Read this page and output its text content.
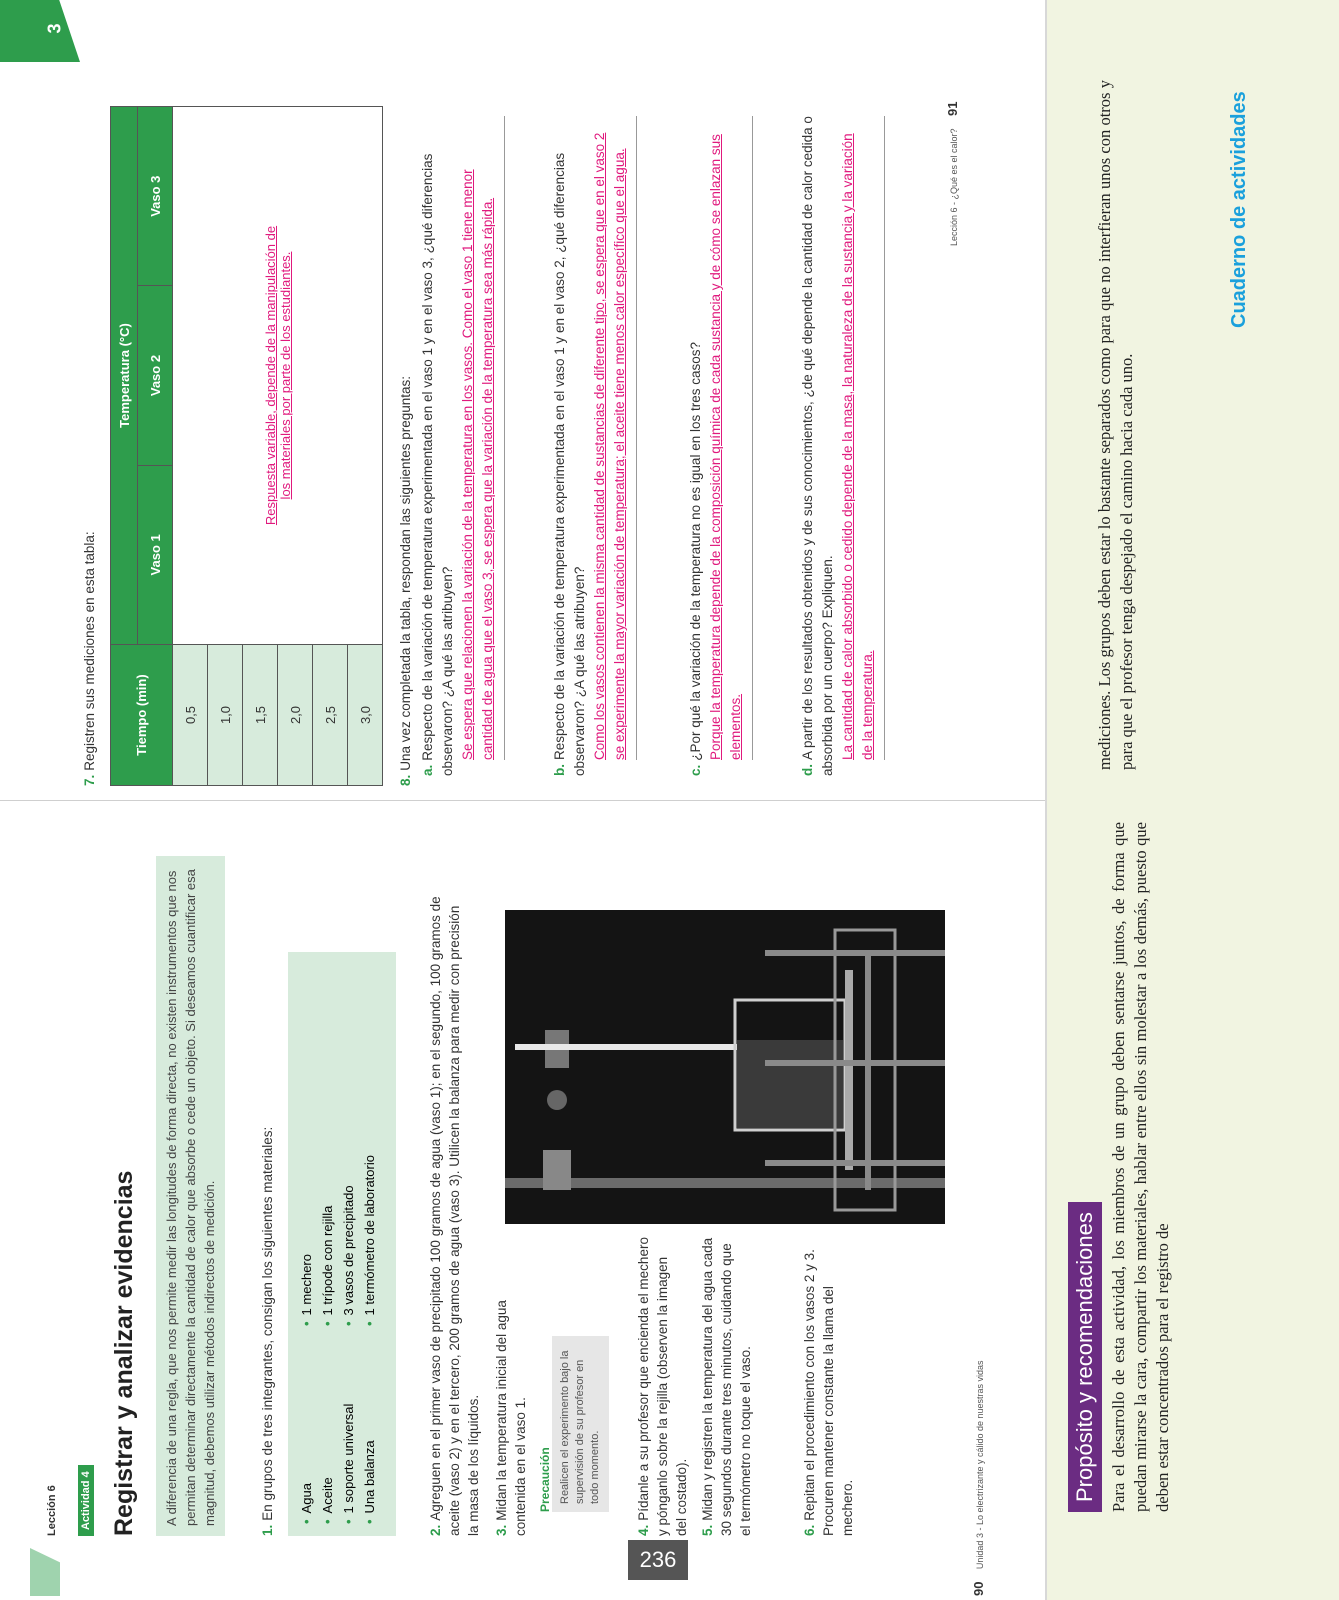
Propósito y recomendaciones Para el desarrollo de esta actividad, los miembros de un grupo deben sentarse juntos, de forma que puedan mirarse la cara, compartir los materiales, hablar entre ellos sin molestar a los demás, puesto que deben estar concentrados para el registro de
mediciones. Los grupos deben estar lo bastante separados como para que no interfieran unos con otros y para que el profesor tenga despejado el camino hacia cada uno.
Cuaderno de actividades
236
Lección 6 Actividad 4 Registrar y analizar evidencias	A diferencia de una regla, que nos permite medir las longitudes de forma directa, no existen instrumentos que nos permitan determinar directamente la cantidad de calor que absorbe o cede un objeto. Si deseamos cuantificar esa magnitud, debemos utilizar métodos indirectos de medición.
1.En grupos de tres integrantes, consigan los siguientes materiales:
•Agua
•Aceite
•1 soporte universal
•Una balanza
•1 mechero
•1 trípode con rejilla
•3 vasos de precipitado
•1 termómetro de laboratorio
2.Agreguen en el primer vaso de precipitado 100 gramos de agua (vaso 1); en el segundo, 100 gramos de aceite (vaso 2) y en el tercero, 200 gramos de agua (vaso 3). Utilicen la balanza para medir con precisión la masa de los líquidos. 3.Midan la temperatura inicial del agua contenida en el vaso 1. Precaución Realicen el experimento bajo la supervisión de su profesor en todo momento.
4.Pídanle a su profesor que encienda el mechero y pónganlo sobre la rejilla (observen la imagen del costado). 5.Midan y registren la temperatura del agua cada 30 segundos durante tres minutos, cuidando que el termómetro no toque el vaso.	6.Repitan el procedimiento con los vasos 2 y 3. Procuren mantener constante la llama del mechero.
90 Unidad 3 - Lo electrizante y cálido de nuestras vidas
3
7.Registren sus mediciones en esta tabla:	Tiempo (min)	Temperatura (°C)		
	Vaso 1	Vaso 2	Vaso 3
0,5	Respuesta variable, depende de la manipulación de los materiales por parte de los estudiantes.		

1,0			
1,5			
2,0			
2,5			
3,0			
8.Una vez completada la tabla, respondan las siguientes preguntas: a.Respecto de la variación de temperatura experimentada en el vaso 1 y en el vaso 3, ¿qué diferencias observaron? ¿A qué las atribuyen? Se espera que relacionen la variación de la temperatura en los vasos. Como el vaso 1 tiene menor cantidad de agua que el vaso 3, se espera que la variación de la temperatura sea más rápida.
b.Respecto de la variación de temperatura experimentada en el vaso 1 y en el vaso 2, ¿qué diferencias observaron? ¿A qué las atribuyen? Como los vasos contienen la misma cantidad de sustancias de diferente tipo, se espera que en el vaso 2 se experimente la mayor variación de temperatura; el aceite tiene menos calor específico que el agua.
c.¿Por qué la variación de la temperatura no es igual en los tres casos? Porque la temperatura depende de la composición química de cada sustancia y de cómo se enlazan sus elementos.
d.A partir de los resultados obtenidos y de sus conocimientos, ¿de qué depende la cantidad de calor cedida o absorbida por un cuerpo? Expliquen. La cantidad de calor absorbido o cedido depende de la masa, la naturaleza de la sustancia y la variación de la temperatura.
Lección 6 - ¿Qué es el calor? 91
